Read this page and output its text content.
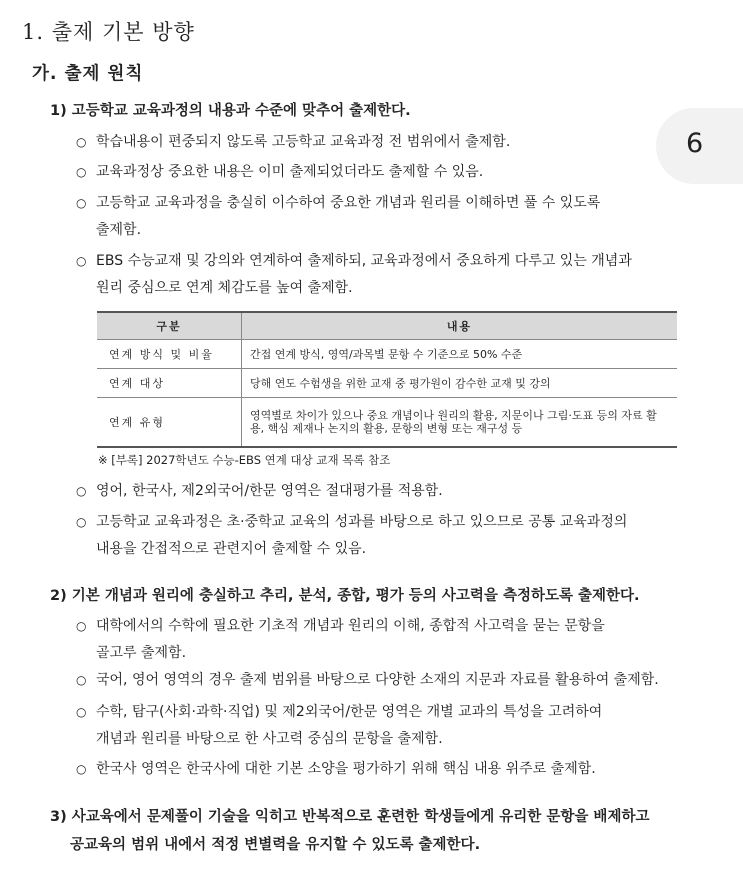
1. 출제 기본 방향
가. 출제 원칙
6
1) 고등학교 교육과정의 내용과 수준에 맞추어 출제한다.
○ 학습내용이 편중되지 않도록 고등학교 교육과정 전 범위에서 출제함.
○ 교육과정상 중요한 내용은 이미 출제되었더라도 출제할 수 있음.
○ 고등학교 교육과정을 충실히 이수하여 중요한 개념과 원리를 이해하면 풀 수 있도록
출제함.
○ EBS 수능교재 및 강의와 연계하여 출제하되, 교육과정에서 중요하게 다루고 있는 개념과
원리 중심으로 연계 체감도를 높여 출제함.
구분	내용
연계 방식 및 비율	간접 연계 방식, 영역/과목별 문항 수 기준으로 50% 수준
연계 대상	당해 연도 수험생을 위한 교재 중 평가원이 감수한 교재 및 강의
연계 유형	영역별로 차이가 있으나 중요 개념이나 원리의 활용, 지문이나 그림·도표 등의 자료 활용, 핵심 제재나 논지의 활용, 문항의 변형 또는 재구성 등
※ [부록] 2027학년도 수능-EBS 연계 대상 교재 목록 참조
○ 영어, 한국사, 제2외국어/한문 영역은 절대평가를 적용함.
○ 고등학교 교육과정은 초·중학교 교육의 성과를 바탕으로 하고 있으므로 공통 교육과정의
내용을 간접적으로 관련지어 출제할 수 있음.
2) 기본 개념과 원리에 충실하고 추리, 분석, 종합, 평가 등의 사고력을 측정하도록 출제한다.
○ 대학에서의 수학에 필요한 기초적 개념과 원리의 이해, 종합적 사고력을 묻는 문항을
골고루 출제함.
○ 국어, 영어 영역의 경우 출제 범위를 바탕으로 다양한 소재의 지문과 자료를 활용하여 출제함.
○ 수학, 탐구(사회·과학·직업) 및 제2외국어/한문 영역은 개별 교과의 특성을 고려하여
개념과 원리를 바탕으로 한 사고력 중심의 문항을 출제함.
○ 한국사 영역은 한국사에 대한 기본 소양을 평가하기 위해 핵심 내용 위주로 출제함.
3) 사교육에서 문제풀이 기술을 익히고 반복적으로 훈련한 학생들에게 유리한 문항을 배제하고
공교육의 범위 내에서 적정 변별력을 유지할 수 있도록 출제한다.
